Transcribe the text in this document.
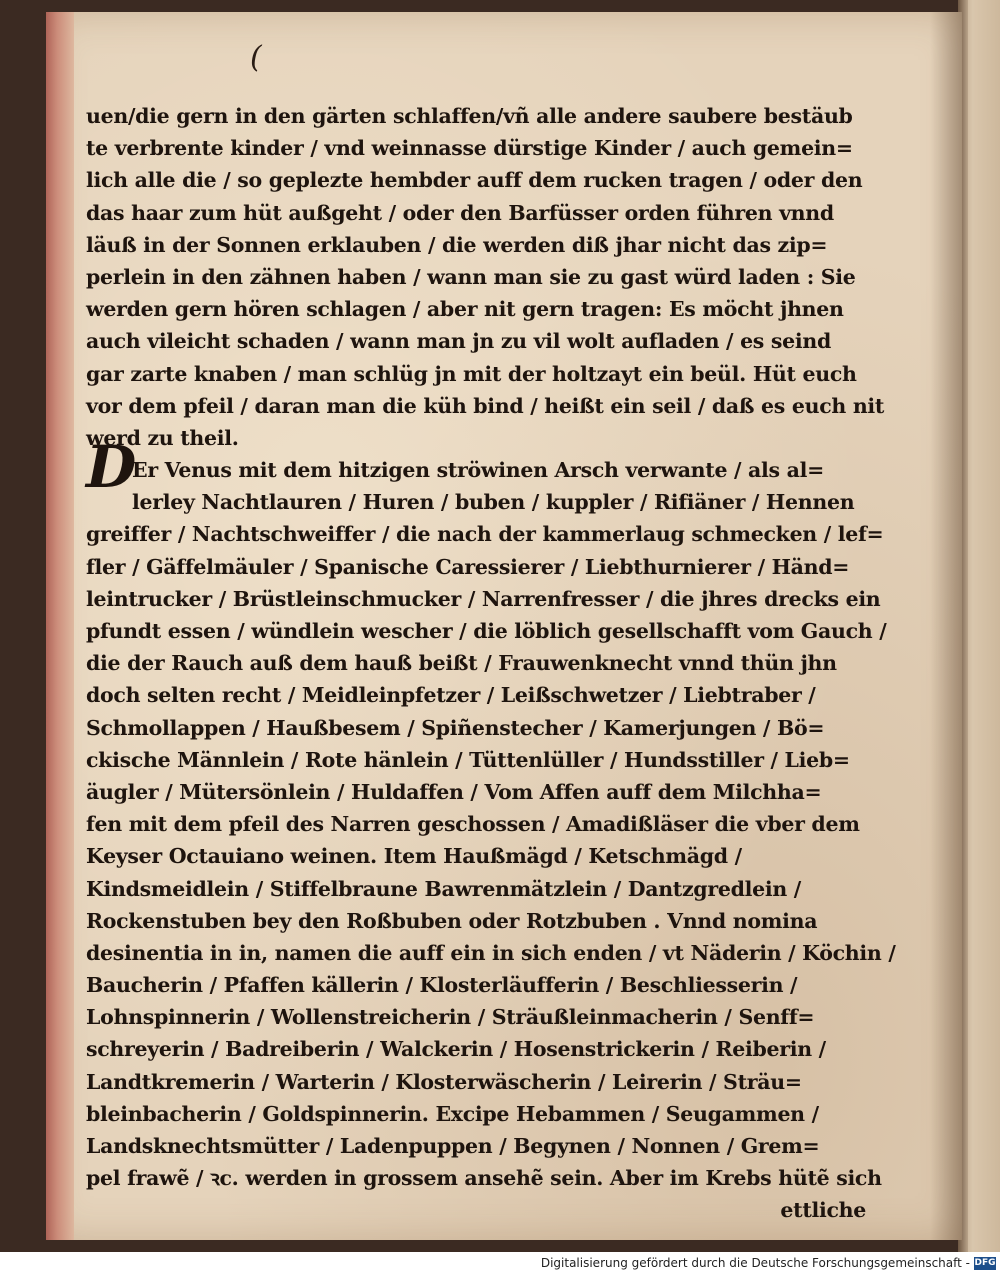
(
D
uen/die gern in den gärten schlaffen/vñ alle andere saubere bestäub
te verbrente kinder / vnd weinnasse dürstige Kinder / auch gemein=
lich alle die / so geplezte hembder auff dem rucken tragen / oder den
das haar zum hüt außgeht / oder den Barfüsser orden führen vnnd
läuß in der Sonnen erklauben / die werden diß jhar nicht das zip=
perlein in den zähnen haben / wann man sie zu gast würd laden : Sie
werden gern hören schlagen / aber nit gern tragen: Es möcht jhnen
auch vileicht schaden / wann man jn zu vil wolt aufladen / es seind
gar zarte knaben / man schlüg jn mit der holtzayt ein beül. Hüt euch
vor dem pfeil / daran man die küh bind / heißt ein seil / daß es euch nit
werd zu theil.
Er Venus mit dem hitzigen ströwinen Arsch verwante / als al=
lerley Nachtlauren / Huren / buben / kuppler / Rifiäner / Hennen
greiffer / Nachtschweiffer / die nach der kammerlaug schmecken / lef=
fler / Gäffelmäuler / Spanische Caressierer / Liebthurnierer / Händ=
leintrucker / Brüstleinschmucker / Narrenfresser / die jhres drecks ein
pfundt essen / wündlein wescher / die löblich gesellschafft vom Gauch /
die der Rauch auß dem hauß beißt / Frauwenknecht vnnd thün jhn
doch selten recht / Meidleinpfetzer / Leißschwetzer / Liebtraber /
Schmollappen / Haußbesem / Spiñenstecher / Kamerjungen / Bö=
ckische Männlein / Rote hänlein / Tüttenlüller / Hundsstiller / Lieb=
äugler / Mütersönlein / Huldaffen / Vom Affen auff dem Milchha=
fen mit dem pfeil des Narren geschossen / Amadißläser die vber dem
Keyser Octauiano weinen. Item Haußmägd / Ketschmägd /
Kindsmeidlein / Stiffelbraune Bawrenmätzlein / Dantzgredlein /
Rockenstuben bey den Roßbuben oder Rotzbuben . Vnnd nomina
desinentia in in, namen die auff ein in sich enden / vt Näderin / Köchin /
Baucherin / Pfaffen källerin / Klosterläufferin / Beschliesserin /
Lohnspinnerin / Wollenstreicherin / Sträußleinmacherin / Senff=
schreyerin / Badreiberin / Walckerin / Hosenstrickerin / Reiberin /
Landtkremerin / Warterin / Klosterwäscherin / Leirerin / Sträu=
bleinbacherin / Goldspinnerin. Excipe Hebammen / Seugammen /
Landsknechtsmütter / Ladenpuppen / Begynen / Nonnen / Grem=
pel frawẽ / ꝛc. werden in grossem ansehẽ sein. Aber im Krebs hütẽ sich
ettliche
Digitalisierung gefördert durch die Deutsche Forschungsgemeinschaft - DFG
